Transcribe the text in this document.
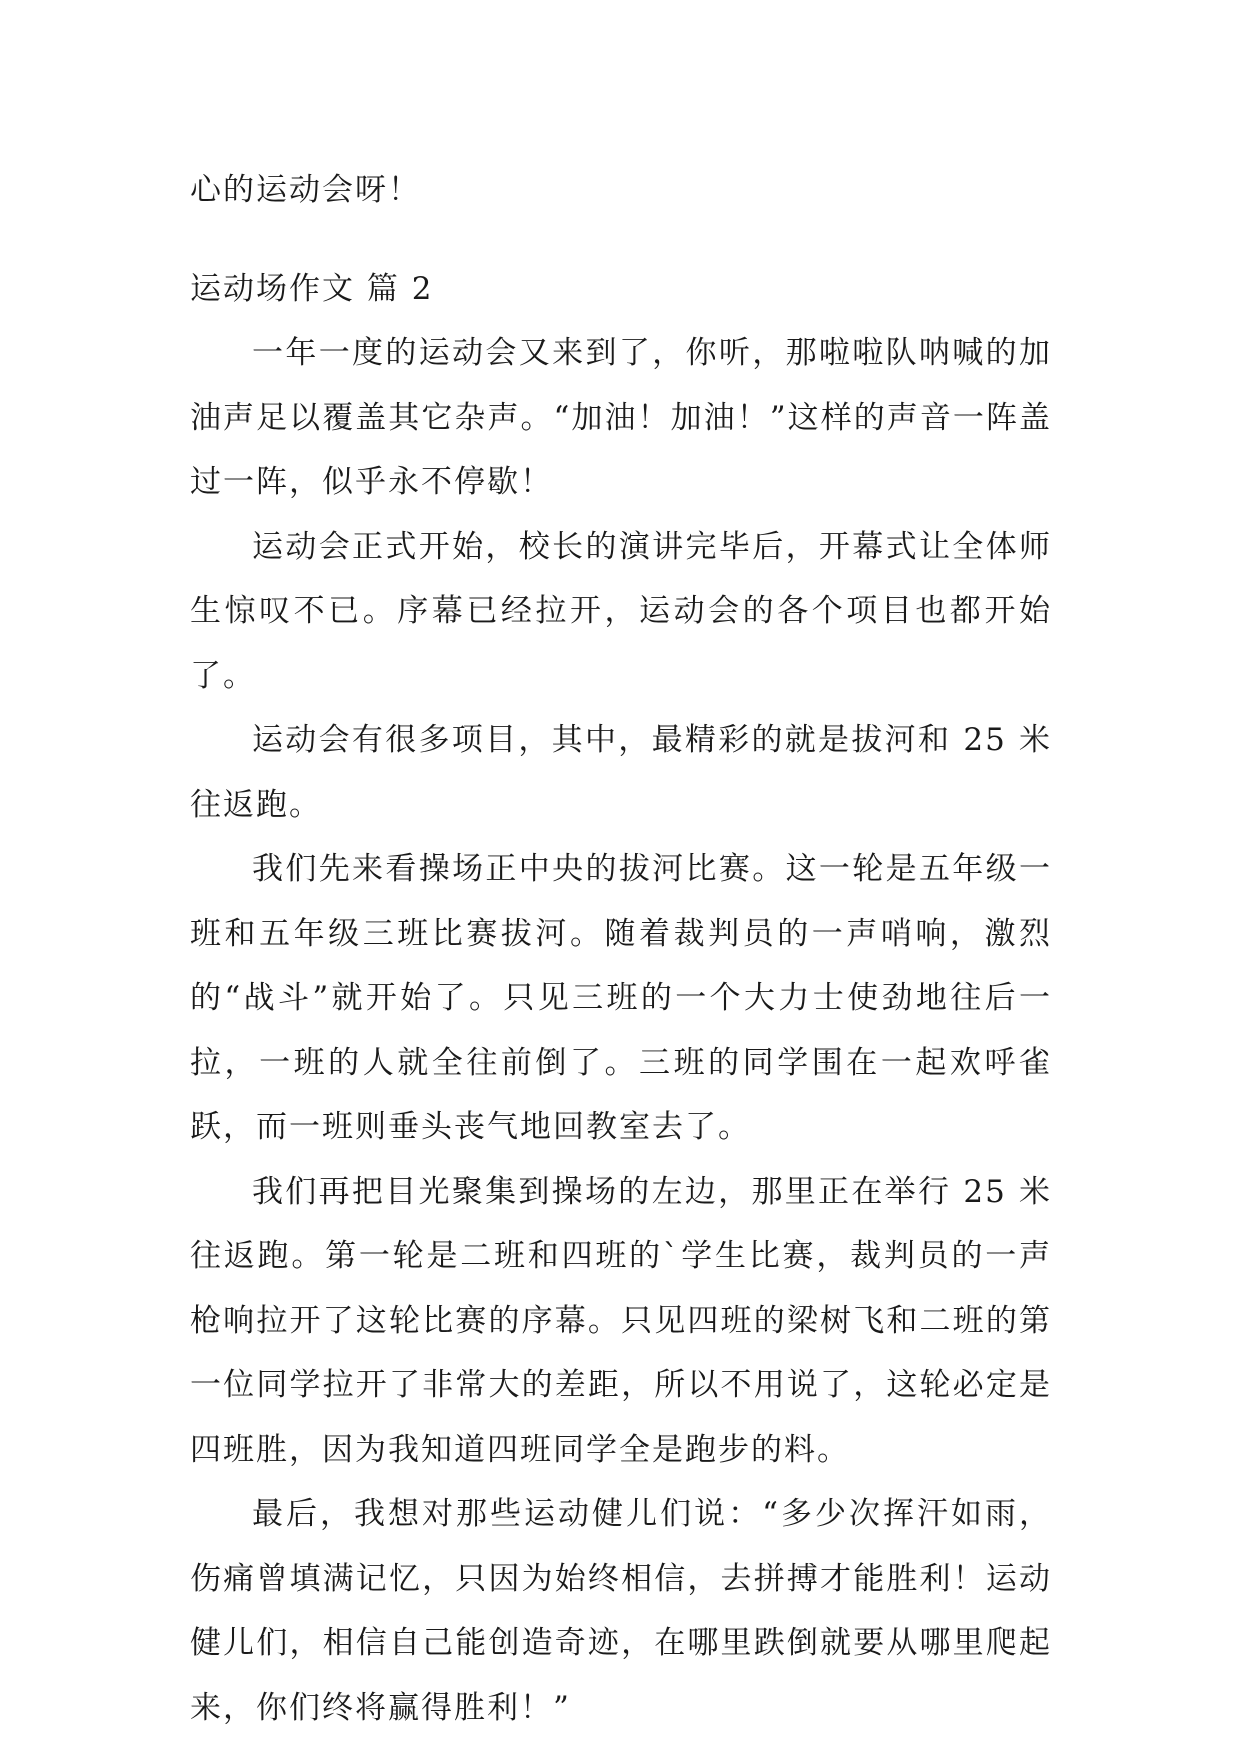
心的运动会呀！

运动场作文 篇 2

一年一度的运动会又来到了，你听，那啦啦队呐喊的加油声足以覆盖其它杂声。“加油！加油！”这样的声音一阵盖过一阵，似乎永不停歇！

运动会正式开始，校长的演讲完毕后，开幕式让全体师生惊叹不已。序幕已经拉开，运动会的各个项目也都开始了。

运动会有很多项目，其中，最精彩的就是拔河和 25 米往返跑。

我们先来看操场正中央的拔河比赛。这一轮是五年级一班和五年级三班比赛拔河。随着裁判员的一声哨响，激烈的“战斗”就开始了。只见三班的一个大力士使劲地往后一拉，一班的人就全往前倒了。三班的同学围在一起欢呼雀跃，而一班则垂头丧气地回教室去了。

我们再把目光聚集到操场的左边，那里正在举行 25 米往返跑。第一轮是二班和四班的`学生比赛，裁判员的一声枪响拉开了这轮比赛的序幕。只见四班的梁树飞和二班的第一位同学拉开了非常大的差距，所以不用说了，这轮必定是四班胜，因为我知道四班同学全是跑步的料。

最后，我想对那些运动健儿们说：“多少次挥汗如雨，伤痛曾填满记忆，只因为始终相信，去拼搏才能胜利！运动健儿们，相信自己能创造奇迹，在哪里跌倒就要从哪里爬起来，你们终将赢得胜利！”
